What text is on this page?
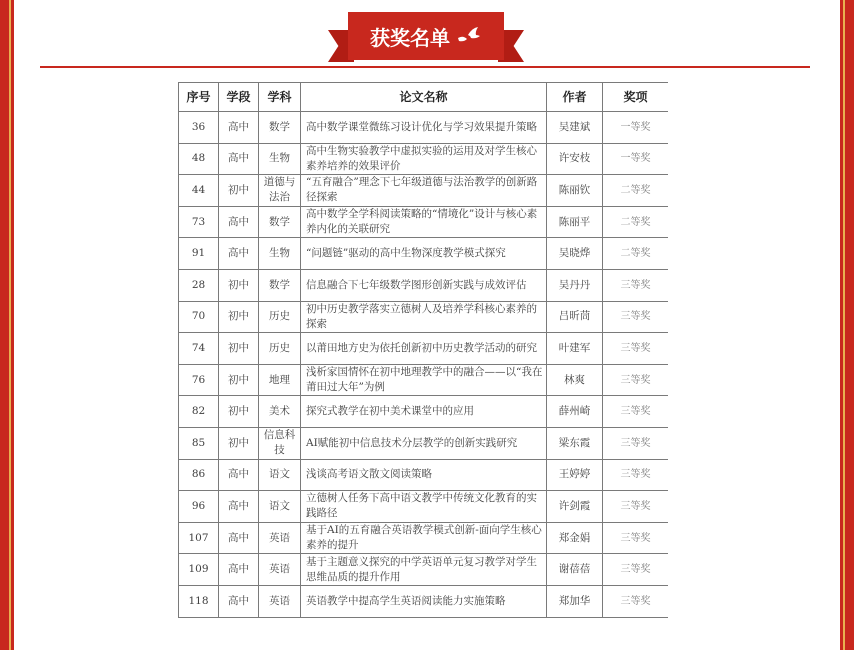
获奖名单
序号	学段	学科	论文名称	作者	奖项
36	高中	数学	高中数学课堂微练习设计优化与学习效果提升策略	吴建斌	一等奖
48	高中	生物	高中生物实验教学中虚拟实验的运用及对学生核心素养培养的效果评价	许安枝	一等奖
44	初中	道德与法治	“五育融合”理念下七年级道德与法治教学的创新路径探索	陈丽钦	二等奖
73	高中	数学	高中数学全学科阅读策略的“情境化”设计与核心素养内化的关联研究	陈丽平	二等奖
91	高中	生物	“问题链”驱动的高中生物深度教学模式探究	吴晓烨	二等奖
28	初中	数学	信息融合下七年级数学图形创新实践与成效评估	吴丹丹	三等奖
70	初中	历史	初中历史教学落实立德树人及培养学科核心素养的探索	吕昕茼	三等奖
74	初中	历史	以莆田地方史为依托创新初中历史教学活动的研究	叶建军	三等奖
76	初中	地理	浅析家国情怀在初中地理教学中的融合——以“我在莆田过大年”为例	林爽	三等奖
82	初中	美术	探究式教学在初中美术课堂中的应用	薛州崎	三等奖
85	初中	信息科技	AI赋能初中信息技术分层教学的创新实践研究	梁东霞	三等奖
86	高中	语文	浅谈高考语文散文阅读策略	王婷婷	三等奖
96	高中	语文	立德树人任务下高中语文教学中传统文化教育的实践路径	许剑霞	三等奖
107	高中	英语	基于AI的五育融合英语教学模式创新-面向学生核心素养的提升	郑金娟	三等奖
109	高中	英语	基于主题意义探究的中学英语单元复习教学对学生思维品质的提升作用	谢蓓蓓	三等奖
118	高中	英语	英语教学中提高学生英语阅读能力实施策略	郑加华	三等奖
